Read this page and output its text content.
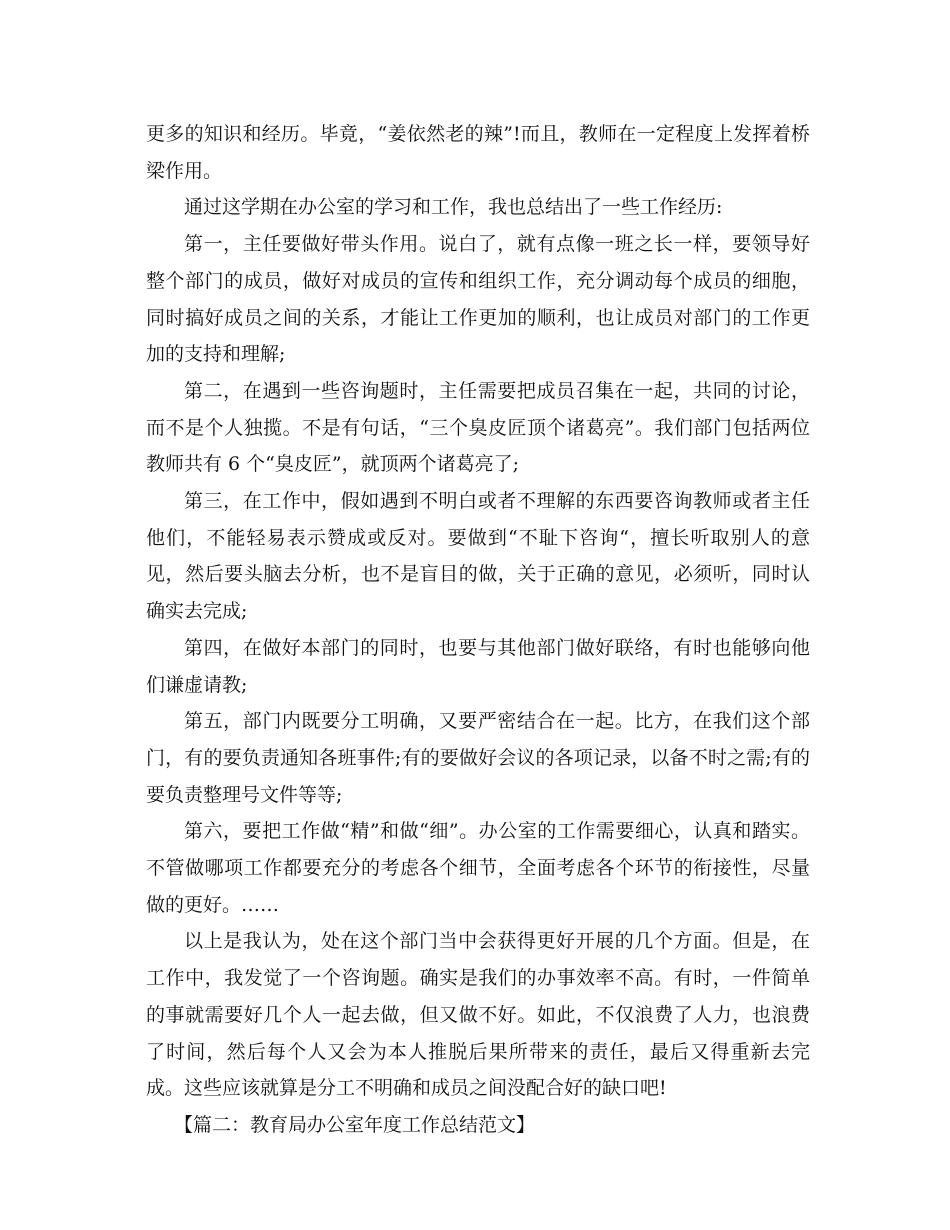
更多的知识和经历。毕竟，“姜依然老的辣”!而且，教师在一定程度上发挥着桥梁作用。

通过这学期在办公室的学习和工作，我也总结出了一些工作经历:

第一，主任要做好带头作用。说白了，就有点像一班之长一样，要领导好整个部门的成员，做好对成员的宣传和组织工作，充分调动每个成员的细胞，同时搞好成员之间的关系，才能让工作更加的顺利，也让成员对部门的工作更加的支持和理解;

第二，在遇到一些咨询题时，主任需要把成员召集在一起，共同的讨论，而不是个人独揽。不是有句话，“三个臭皮匠顶个诸葛亮”。我们部门包括两位教师共有 6 个“臭皮匠”，就顶两个诸葛亮了;

第三，在工作中，假如遇到不明白或者不理解的东西要咨询教师或者主任他们，不能轻易表示赞成或反对。要做到“不耻下咨询“，擅长听取别人的意见，然后要头脑去分析，也不是盲目的做，关于正确的意见，必须听，同时认确实去完成;

第四，在做好本部门的同时，也要与其他部门做好联络，有时也能够向他们谦虚请教;

第五，部门内既要分工明确，又要严密结合在一起。比方，在我们这个部门，有的要负责通知各班事件;有的要做好会议的各项记录，以备不时之需;有的要负责整理号文件等等;

第六，要把工作做“精”和做“细”。办公室的工作需要细心，认真和踏实。不管做哪项工作都要充分的考虑各个细节，全面考虑各个环节的衔接性，尽量做的更好。……

以上是我认为，处在这个部门当中会获得更好开展的几个方面。但是，在工作中，我发觉了一个咨询题。确实是我们的办事效率不高。有时，一件简单的事就需要好几个人一起去做，但又做不好。如此，不仅浪费了人力，也浪费了时间，然后每个人又会为本人推脱后果所带来的责任，最后又得重新去完成。这些应该就算是分工不明确和成员之间没配合好的缺口吧!

【篇二：教育局办公室年度工作总结范文】
